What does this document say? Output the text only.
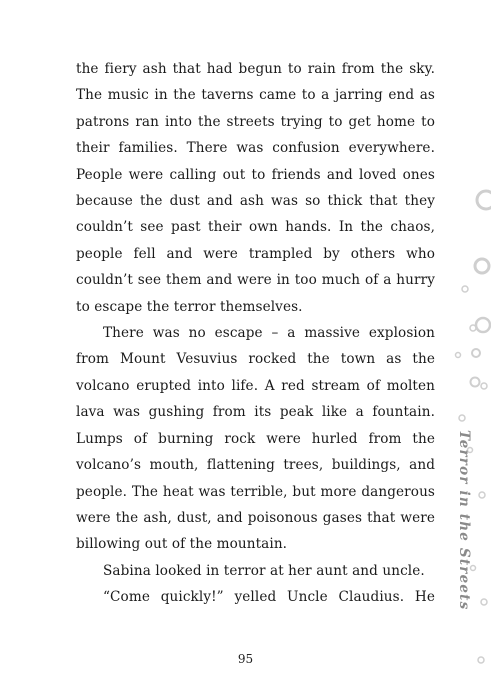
the fiery ash that had begun to rain from the sky. The music in the taverns came to a jarring end as patrons ran into the streets trying to get home to their families. There was confusion everywhere. People were calling out to friends and loved ones because the dust and ash was so thick that they couldn’t see past their own hands. In the chaos, people fell and were trampled by others who couldn’t see them and were in too much of a hurry to escape the terror themselves.

There was no escape – a massive explosion from Mount Vesuvius rocked the town as the volcano erupted into life. A red stream of molten lava was gushing from its peak like a fountain. Lumps of burning rock were hurled from the volcano’s mouth, flattening trees, buildings, and people. The heat was terrible, but more dangerous were the ash, dust, and poisonous gases that were billowing out of the mountain.

Sabina looked in terror at her aunt and uncle.

“Come quickly!” yelled Uncle Claudius. He	Terror in the Streets
95
